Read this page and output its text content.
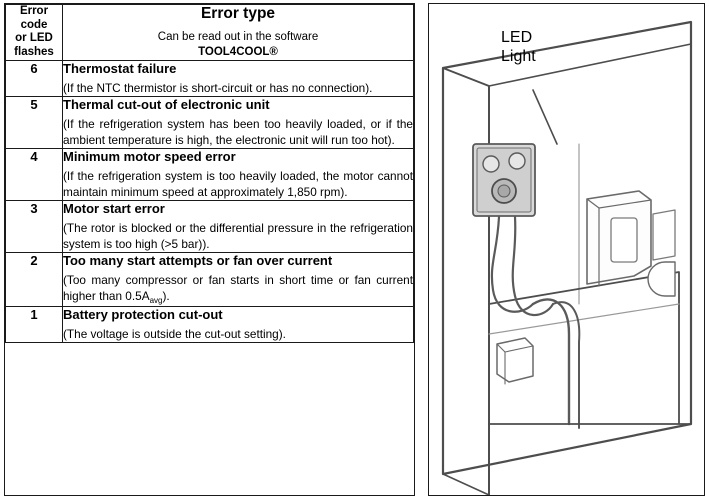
Error
code
or LED
flashes	Error type
Can be read out in the software
TOOL4COOL®

6	Thermostat failure
(If the NTC thermistor is short-circuit or has no connection).

5	Thermal cut-out of electronic unit
(If the refrigeration system has been too heavily loaded, or if the ambient temperature is high, the electronic unit will run too hot).

4	Minimum motor speed error
(If the refrigeration system is too heavily loaded, the motor cannot maintain minimum speed at approximately 1,850 rpm).

3	Motor start error
(The rotor is blocked or the differential pressure in the refrigeration system is too high (>5 bar)).

2	Too many start attempts or fan over current
(Too many compressor or fan starts in short time or fan current higher than $0.5A_{avg}$).

1	Battery protection cut-out
(The voltage is outside the cut-out setting).
LED
Light
